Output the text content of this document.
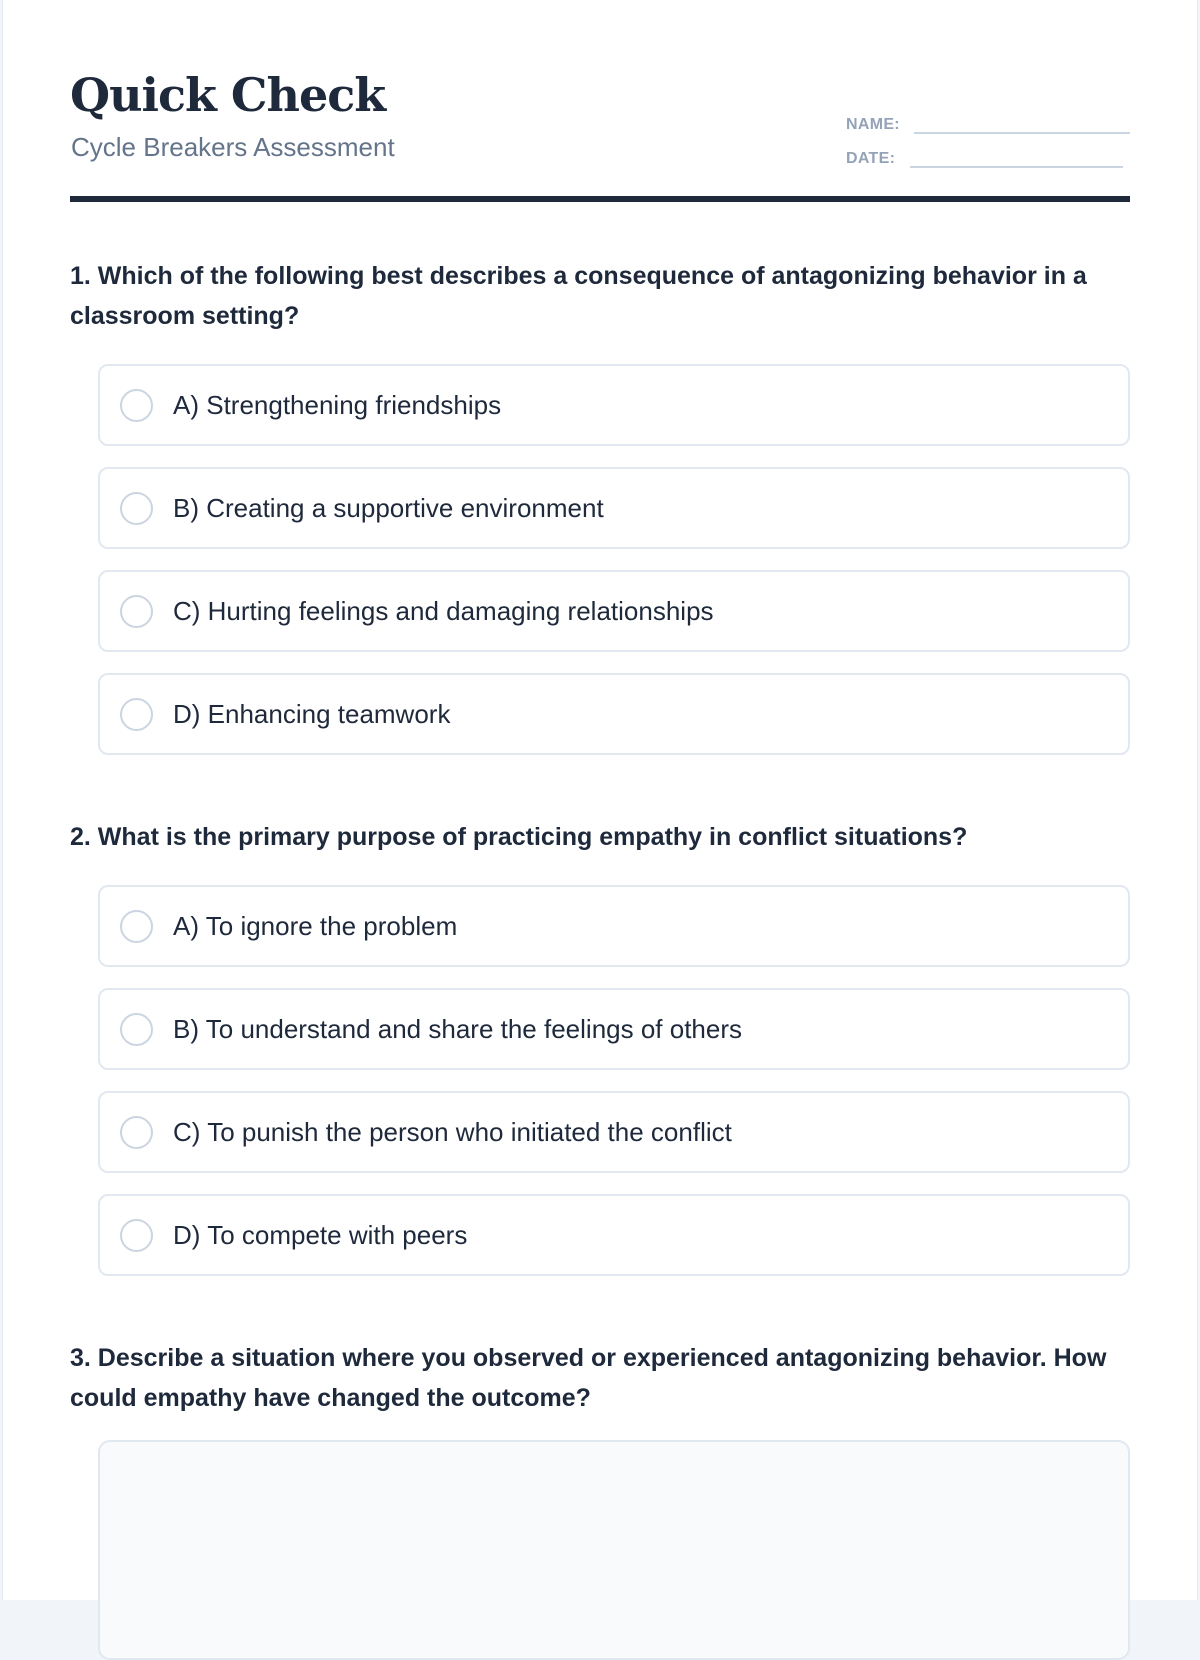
Quick Check
Cycle Breakers Assessment
NAME:
DATE:
1. Which of the following best describes a consequence of antagonizing behavior in a classroom setting?
A) Strengthening friendships
B) Creating a supportive environment
C) Hurting feelings and damaging relationships
D) Enhancing teamwork
2. What is the primary purpose of practicing empathy in conflict situations?
A) To ignore the problem
B) To understand and share the feelings of others
C) To punish the person who initiated the conflict
D) To compete with peers
3. Describe a situation where you observed or experienced antagonizing behavior. How could empathy have changed the outcome?
